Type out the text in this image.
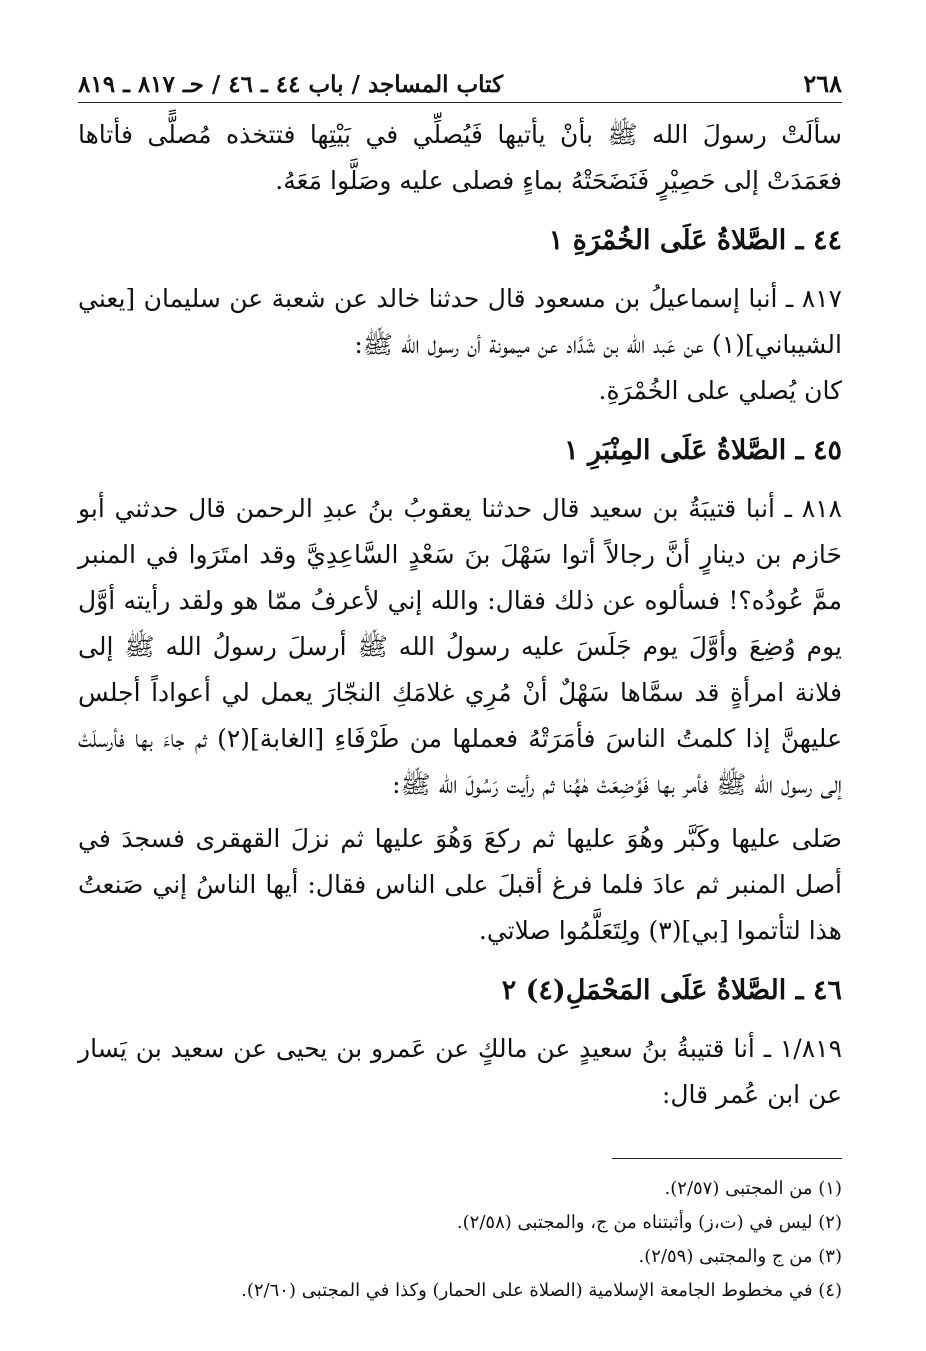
٢٦٨
كتاب المساجد / باب ٤٤ ـ ٤٦ / حـ ٨١٧ ـ ٨١٩

سألَتْ رسولَ الله ﷺ بأنْ يأتيها فَيُصلِّي في بَيْتِها فتتخذه مُصلًّى فأتاها فعَمَدَتْ إلى حَصِيْرٍ فَنَضَحَتْهُ بماءٍ فصلى عليه وصَلَّوا مَعَهُ.

٤٤ ـ الصَّلاةُ عَلَى الخُمْرَةِ ١

٨١٧ ـ أنبا إسماعيلُ بن مسعود قال حدثنا خالد عن شعبة عن سليمان [يعني الشيباني](١) عن عَبد الله بن شَدَّاد عن ميمونة أن رسول الله ﷺ:

كان يُصلي على الخُمْرَةِ.

٤٥ ـ الصَّلاةُ عَلَى المِنْبَرِ ١

٨١٨ ـ أنبا قتيبَةُ بن سعيد قال حدثنا يعقوبُ بنُ عبدِ الرحمن قال حدثني أبو حَازم بن دينارٍ أنَّ رجالاً أتوا سَهْلَ بنَ سَعْدٍ السَّاعِدِيَّ وقد امتَرَوا في المنبر ممَّ عُودُه؟! فسألوه عن ذلك فقال: والله إني لأعرفُ ممّا هو ولقد رأيته أوَّل يوم وُضِعَ وأوَّلَ يوم جَلَسَ عليه رسولُ الله ﷺ أرسلَ رسولُ الله ﷺ إلى فلانة امرأةٍ قد سمَّاها سَهْلٌ أنْ مُرِي غلامَكِ النجّارَ يعمل لي أعواداً أجلس عليهنَّ إذا كلمتُ الناسَ فأمَرَتْهُ فعملها من طَرْفَاءِ [الغابة](٢) ثم جاءَ بها فأرسلَتْ إلى رسول الله ﷺ فأمر بها فَوُضِعَتْ هٰهُنا ثم رأيت رَسُولَ الله ﷺ:

صَلى عليها وكَبَّر وهُوَ عليها ثم ركعَ وَهُوَ عليها ثم نزلَ القهقرى فسجدَ في أصل المنبر ثم عادَ فلما فرغ أقبلَ على الناس فقال: أيها الناسُ إني صَنعتُ هذا لتأتموا [بي](٣) ولِتَعَلَّمُوا صلاتي.

٤٦ ـ الصَّلاةُ عَلَى المَحْمَلِ(٤) ٢

١/٨١٩ ـ أنا قتيبةُ بنُ سعيدٍ عن مالكٍ عن عَمرو بن يحيى عن سعيد بن يَسار عن ابن عُمر قال:

(١) من المجتبى (٢/٥٧).
(٢) ليس في (ت،ز) وأثبتناه من ج، والمجتبى (٢/٥٨).
(٣) من ج والمجتبى (٢/٥٩).
(٤) في مخطوط الجامعة الإسلامية (الصلاة على الحمار) وكذا في المجتبى (٢/٦٠).
